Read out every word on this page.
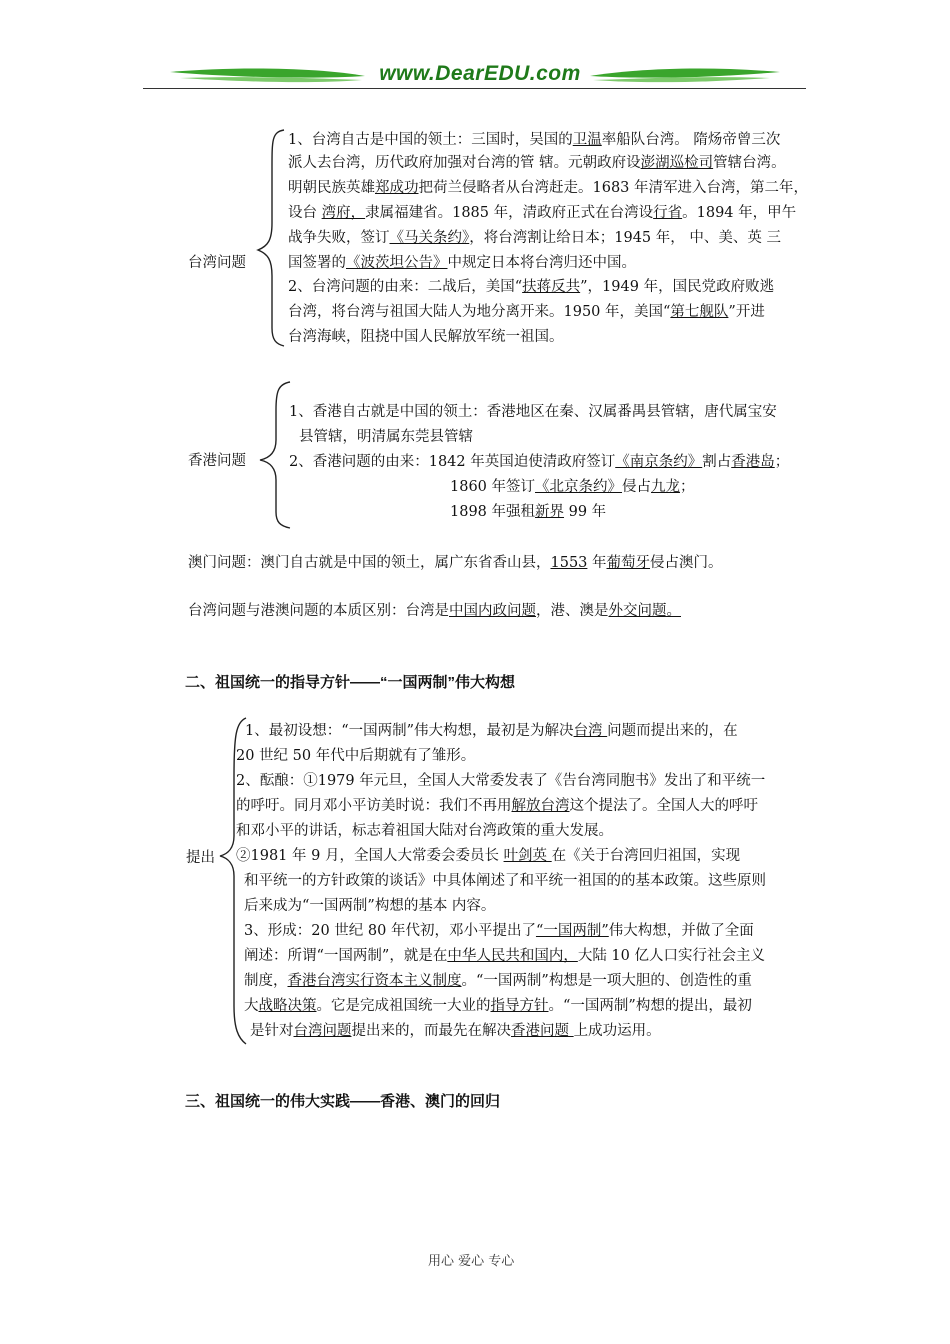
www.DearEDU.com
台湾问题
1、台湾自古是中国的领土：三国时，吴国的卫温率船队台湾。 隋炀帝曾三次
派人去台湾，历代政府加强对台湾的管 辖。元朝政府设澎湖巡检司管辖台湾。
明朝民族英雄郑成功把荷兰侵略者从台湾赶走。1683 年清军进入台湾，第二年，
设台 湾府，隶属福建省。1885 年，清政府正式在台湾设行省。1894 年，甲午
战争失败，签订《马关条约》，将台湾割让给日本；1945 年， 中、美、英 三
国签署的《波茨坦公告》中规定日本将台湾归还中国。
2、台湾问题的由来：二战后，美国“扶蒋反共”，1949 年，国民党政府败逃
台湾，将台湾与祖国大陆人为地分离开来。1950 年，美国“第七舰队”开进
台湾海峡，阻挠中国人民解放军统一祖国。
香港问题
1、香港自古就是中国的领土：香港地区在秦、汉属番禺县管辖，唐代属宝安
县管辖，明清属东莞县管辖
2、香港问题的由来：1842 年英国迫使清政府签订《南京条约》割占香港岛；
1860 年签订《北京条约》侵占九龙；
1898 年强租新界 99 年
澳门问题：澳门自古就是中国的领土，属广东省香山县，1553 年葡萄牙侵占澳门。
台湾问题与港澳问题的本质区别：台湾是中国内政问题，港、澳是外交问题。
二、祖国统一的指导方针——“一国两制”伟大构想
提出
1、最初设想：“一国两制”伟大构想，最初是为解决台湾 问题而提出来的，在
20 世纪 50 年代中后期就有了雏形。
2、酝酿：①1979 年元旦，全国人大常委发表了《告台湾同胞书》发出了和平统一
的呼吁。同月邓小平访美时说：我们不再用解放台湾这个提法了。全国人大的呼吁
和邓小平的讲话，标志着祖国大陆对台湾政策的重大发展。
②1981 年 9 月，全国人大常委会委员长 叶剑英 在《关于台湾回归祖国，实现
和平统一的方针政策的谈话》中具体阐述了和平统一祖国的的基本政策。这些原则
后来成为“一国两制”构想的基本 内容。
3、形成：20 世纪 80 年代初，邓小平提出了“一国两制”伟大构想，并做了全面
阐述：所谓“一国两制”，就是在中华人民共和国内，大陆 10 亿人口实行社会主义
制度，香港台湾实行资本主义制度。“一国两制”构想是一项大胆的、创造性的重
大战略决策。它是完成祖国统一大业的指导方针。“一国两制”构想的提出，最初
是针对台湾问题提出来的，而最先在解决香港问题 上成功运用。
三、祖国统一的伟大实践——香港、澳门的回归
用心 爱心 专心
